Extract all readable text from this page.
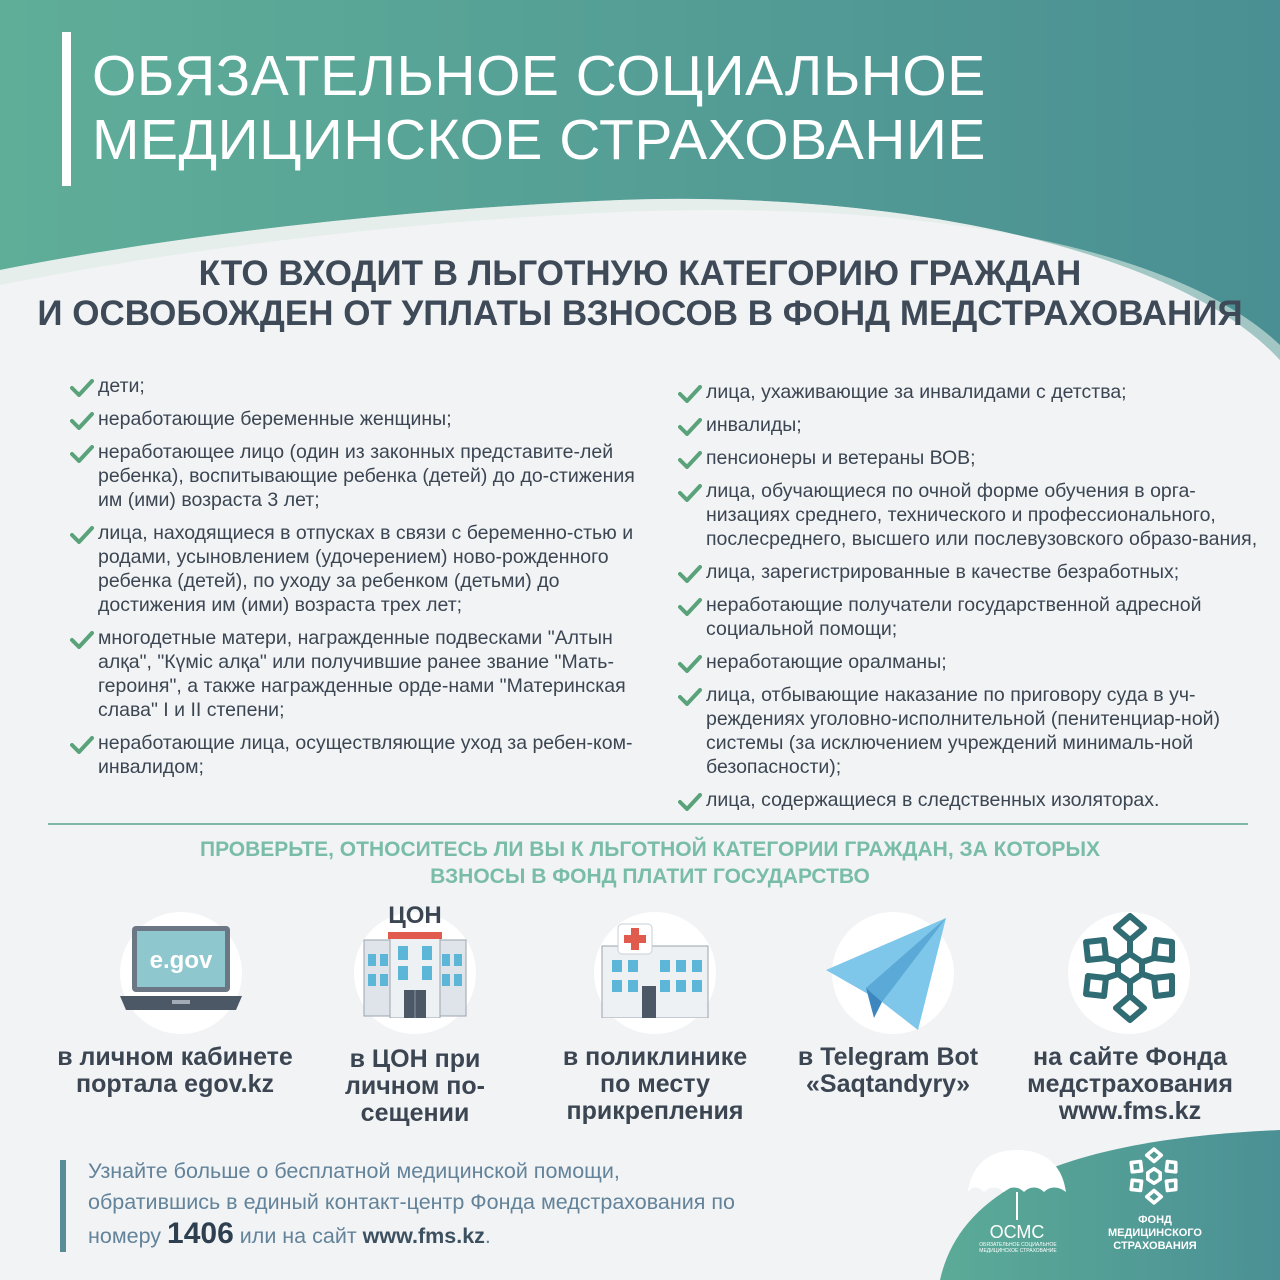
ОБЯЗАТЕЛЬНОЕ СОЦИАЛЬНОЕ
МЕДИЦИНСКОЕ СТРАХОВАНИЕ
КТО ВХОДИТ В ЛЬГОТНУЮ КАТЕГОРИЮ ГРАЖДАН
И ОСВОБОЖДЕН ОТ УПЛАТЫ ВЗНОСОВ В ФОНД МЕДСТРАХОВАНИЯ
дети;
неработающие беременные женщины;
неработающее лицо (один из законных представите-лей ребенка), воспитывающие ребенка (детей) до до-стижения им (ими) возраста 3 лет;
лица, находящиеся в отпусках в связи с беременно-стью и родами, усыновлением (удочерением) ново-рожденного ребенка (детей), по уходу за ребенком (детьми) до достижения им (ими) возраста трех лет;
многодетные матери, награжденные подвесками "Алтын алқа", "Күміс алқа" или получившие ранее звание "Мать-героиня", а также награжденные орде-нами "Материнская слава" I и II степени;
неработающие лица, осуществляющие уход за ребен-ком-инвалидом;
лица, ухаживающие за инвалидами с детства;
инвалиды;
пенсионеры и ветераны ВОВ;
лица, обучающиеся по очной форме обучения в орга-низациях среднего, технического и профессионального, послесреднего, высшего или послевузовского образо-вания,
лица, зарегистрированные в качестве безработных;
неработающие получатели государственной адресной социальной помощи;
неработающие оралманы;
лица, отбывающие наказание по приговору суда в уч-реждениях уголовно-исполнительной (пенитенциар-ной) системы (за исключением учреждений минималь-ной безопасности);
лица, содержащиеся в следственных изоляторах.
ПРОВЕРЬТЕ, ОТНОСИТЕСЬ ЛИ ВЫ К ЛЬГОТНОЙ КАТЕГОРИИ ГРАЖДАН, ЗА КОТОРЫХ
ВЗНОСЫ В ФОНД ПЛАТИТ ГОСУДАРСТВО
e.gov
в личном кабинете
портала egov.kz
ЦОН
в ЦОН при
личном по-
сещении
в поликлинике
по месту
прикрепления
в Telegram Bot
«Saqtandyry»
на сайте Фонда
медстрахования
www.fms.kz
Узнайте больше о бесплатной медицинской помощи,
обратившись в единый контакт-центр Фонда медстрахования по
номеру 1406 или на сайт www.fms.kz.	ОСМС
ОБЯЗАТЕЛЬНОЕ СОЦИАЛЬНОЕ МЕДИЦИНСКОЕ СТРАХОВАНИЕ
ФОНД
МЕДИЦИНСКОГО
СТРАХОВАНИЯ
